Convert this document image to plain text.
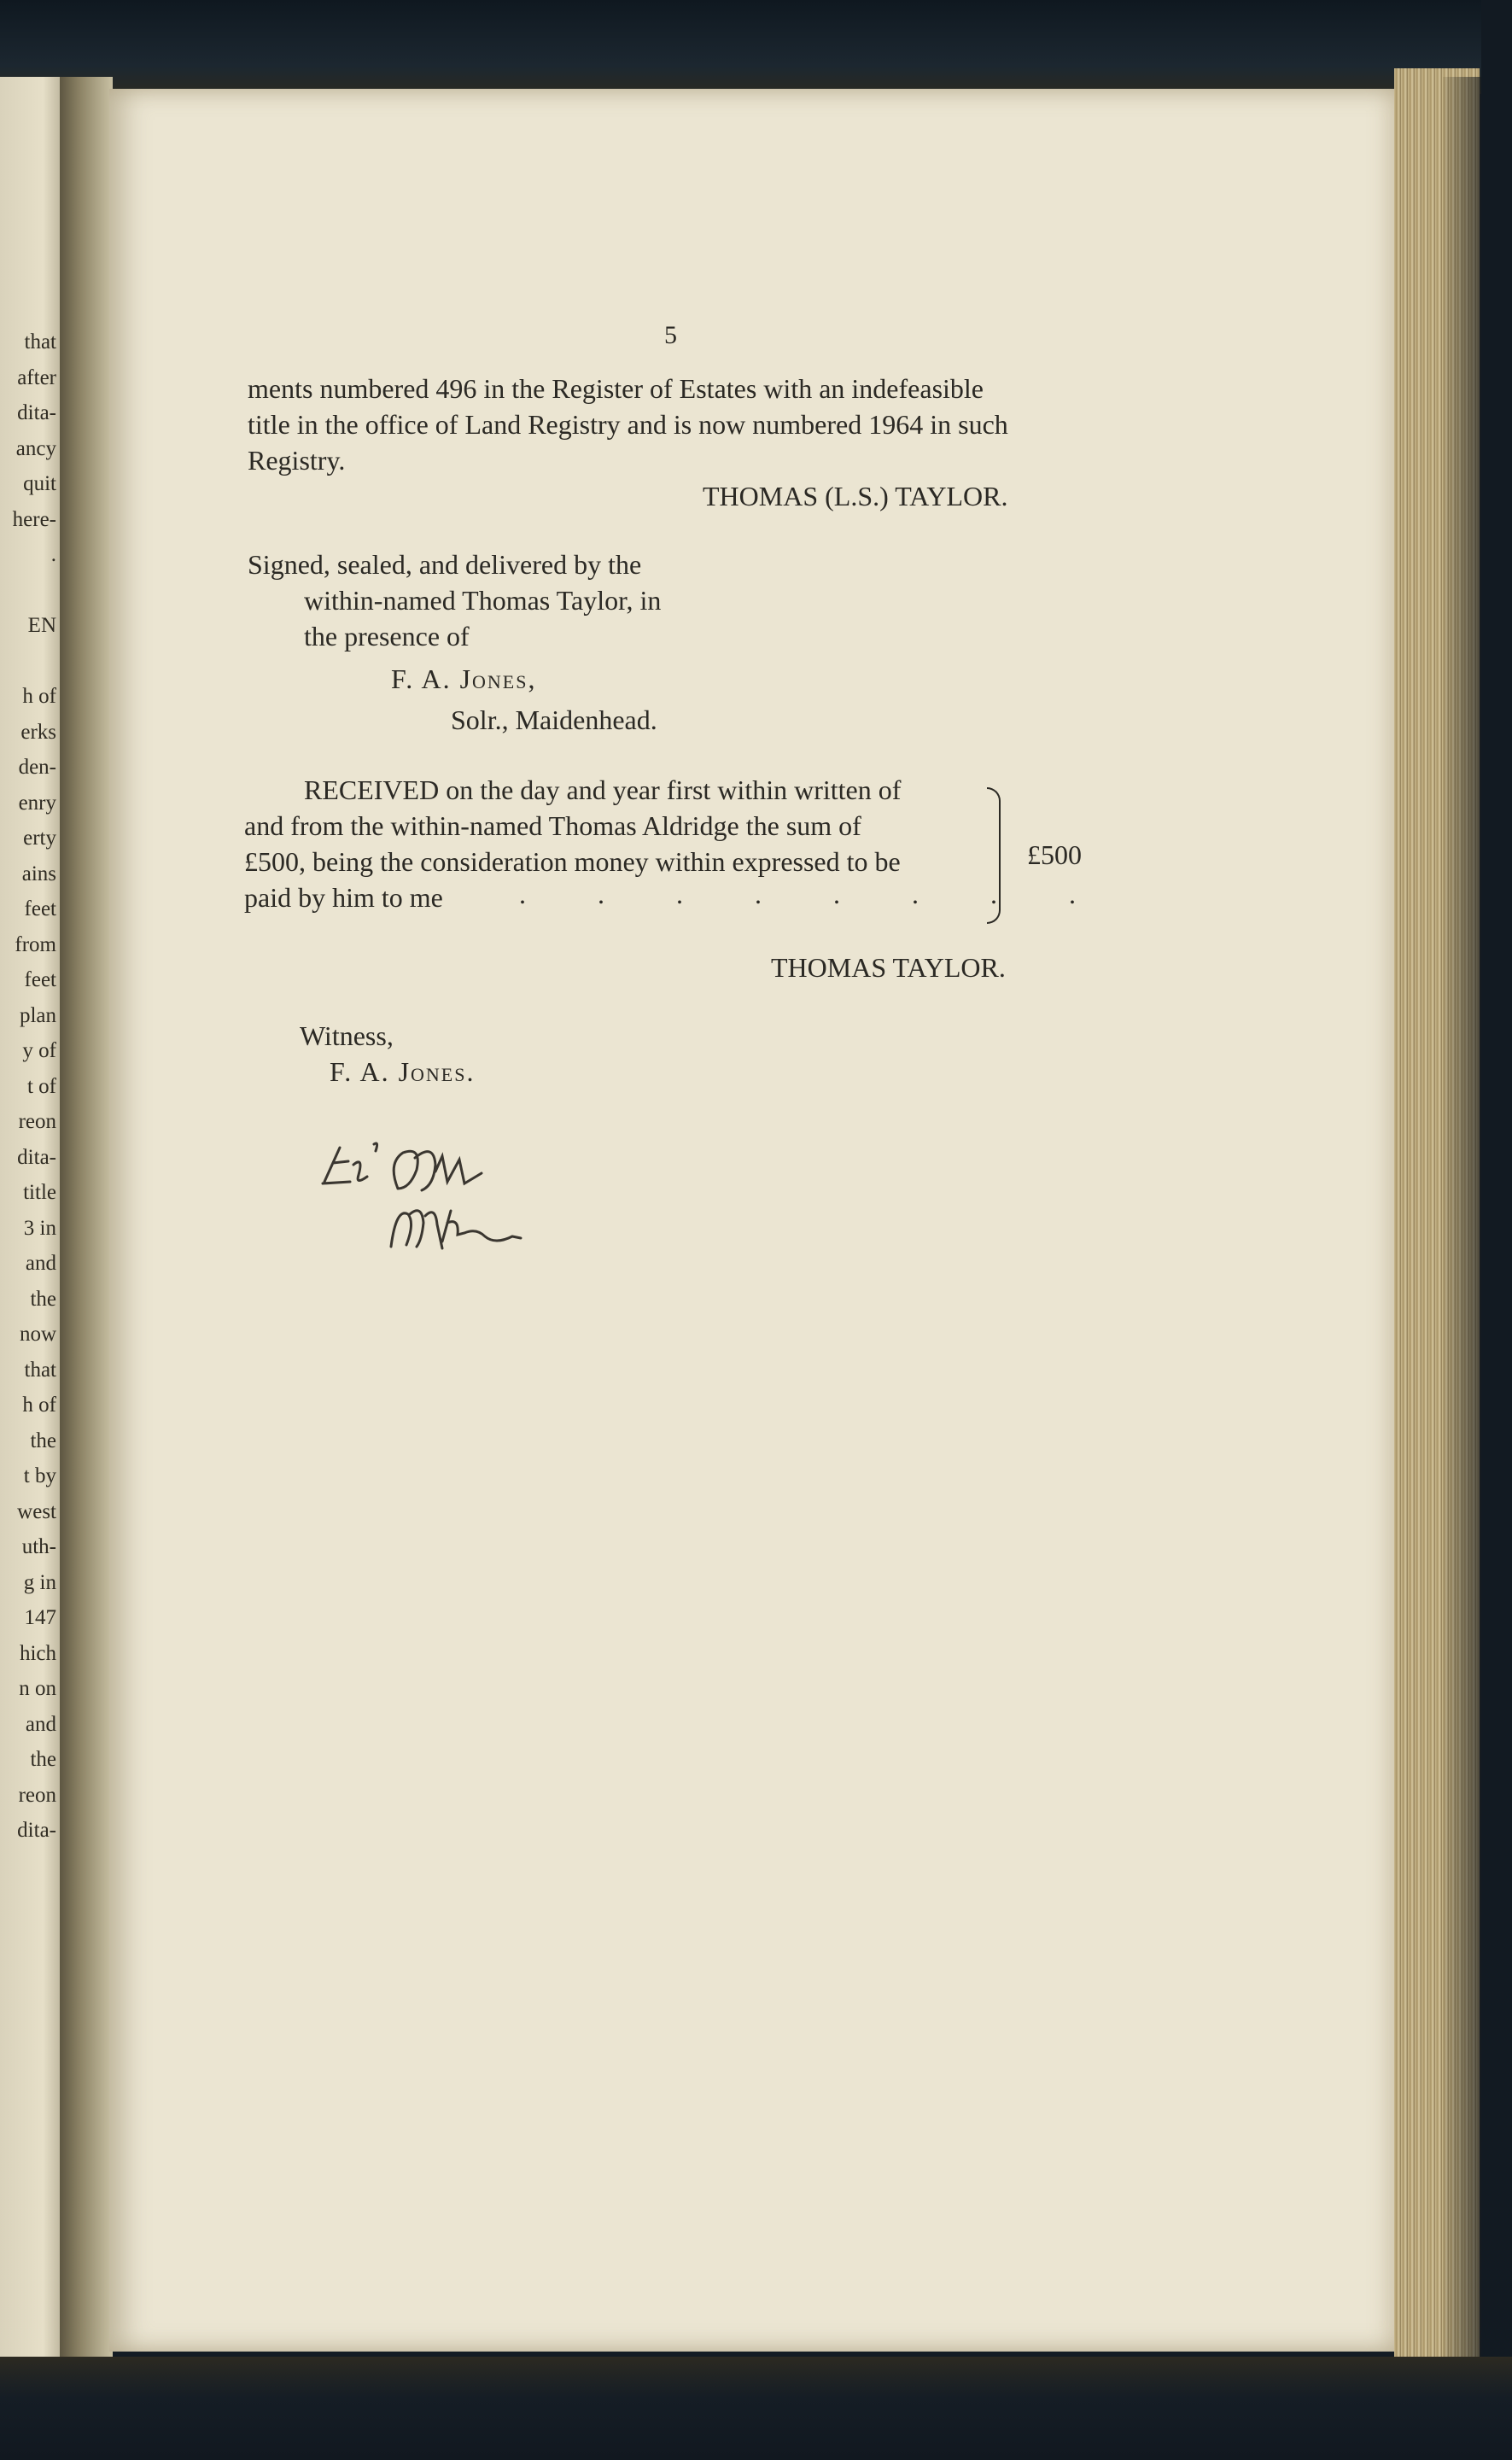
that
after
dita-
ancy
quit
here-
.
EN
h of
erks
den-
enry
erty
ains
feet
from
feet
plan
y of
t of
reon
dita-
title
3 in
and
the
now
that
h of
the
t by
west
uth-
g in
147
hich
n on
and
the
reon
dita-
5
ments numbered 496 in the Register of Estates with an indefeasible
title in the office of Land Registry and is now numbered 1964 in such
Registry.
THOMAS (L.S.) TAYLOR.
Signed, sealed, and delivered by the
within-named Thomas Taylor, in
the presence of
F. A. Jones,
Solr., Maidenhead.
RECEIVED on the day and year first within written of
and from the within-named Thomas Aldridge the sum of
£500, being the consideration money within expressed to be
paid by him to me	. . . . . . . .
£500
THOMAS TAYLOR.
Witness,
F. A. Jones.
